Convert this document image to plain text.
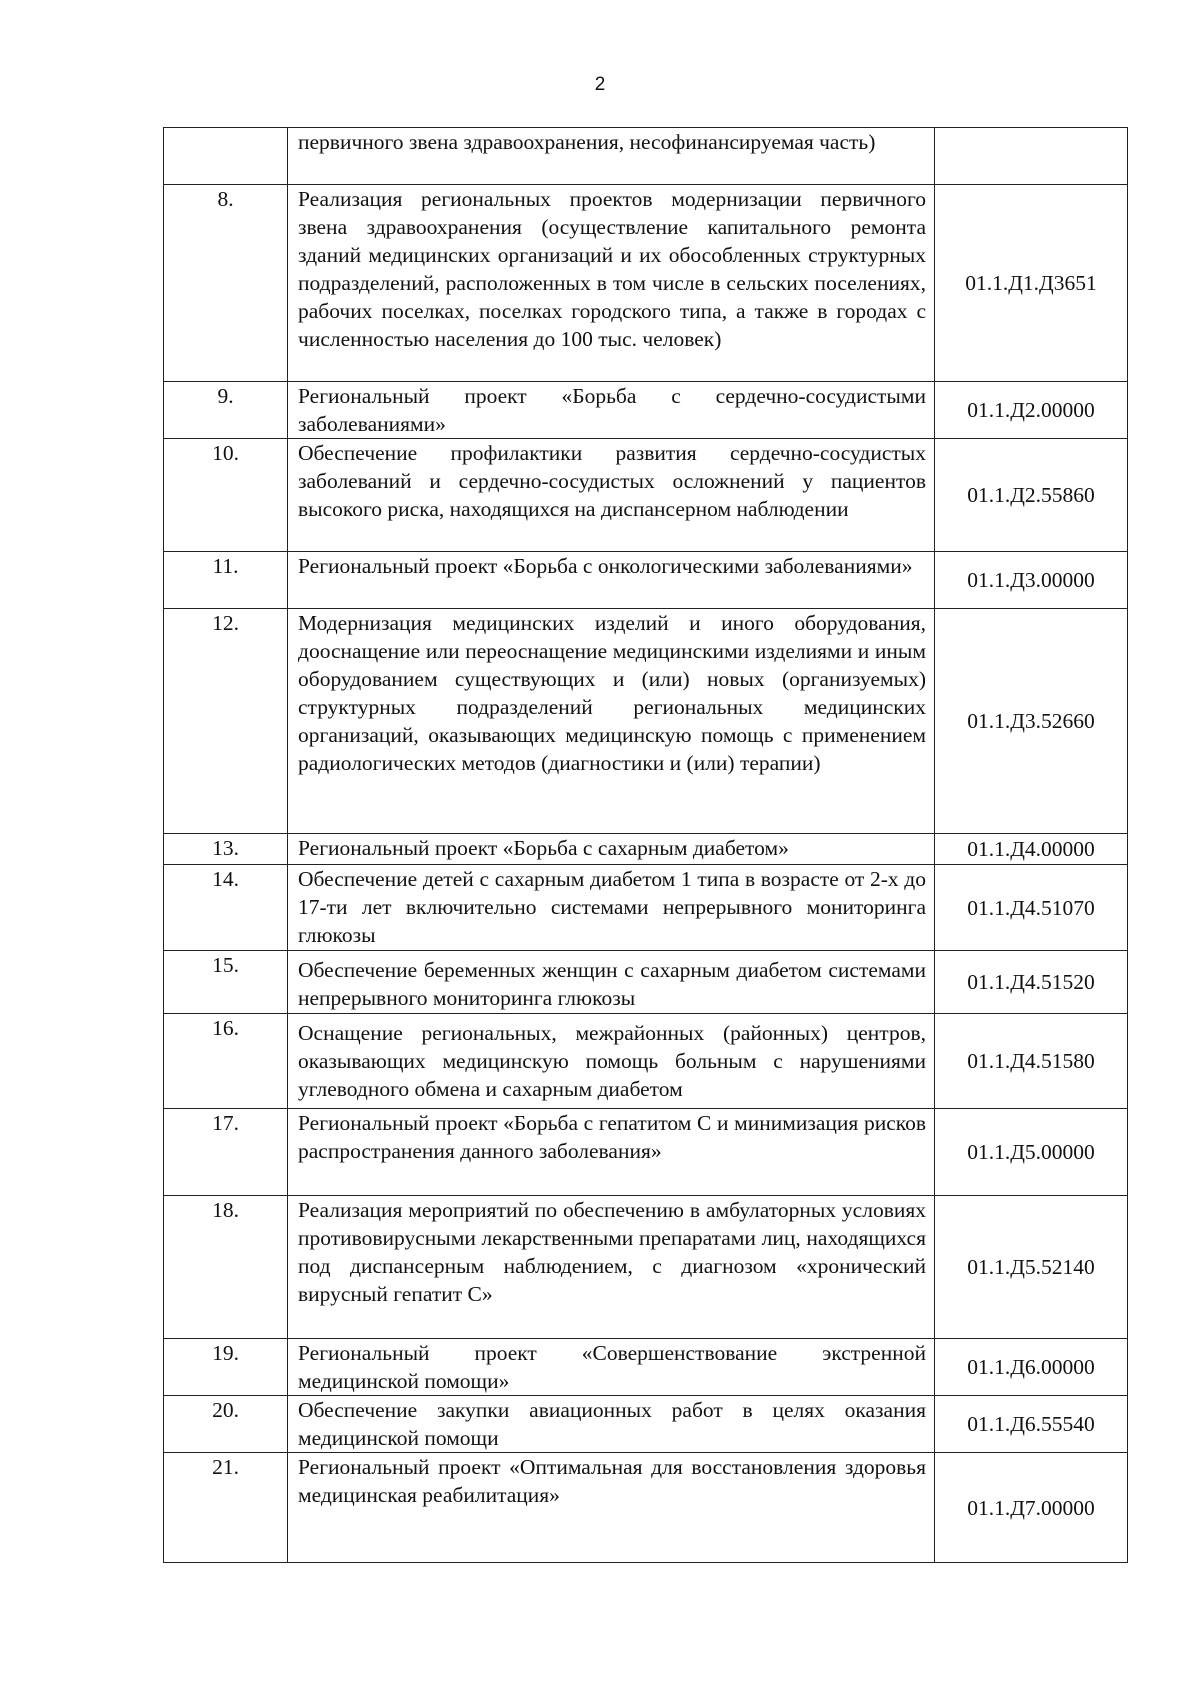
2

	первичного звена здравоохранения, несофинансируемая часть)	

8.	Реализация региональных проектов модернизации первичного звена здравоохранения (осуществление капитального ремонта зданий медицинских организаций и их обособленных структурных подразделений, расположенных в том числе в сельских поселениях, рабочих поселках, поселках городского типа, а также в городах с численностью населения до 100 тыс. человек)	01.1.Д1.Д3651
9.	Региональный проект «Борьба с сердечно-сосудистыми заболеваниями»	01.1.Д2.00000
10.	Обеспечение профилактики развития сердечно-сосудистых заболеваний и сердечно-сосудистых осложнений у пациентов высокого риска, находящихся на диспансерном наблюдении	01.1.Д2.55860
11.	Региональный проект «Борьба с онкологическими заболеваниями»	01.1.Д3.00000
12.	Модернизация медицинских изделий и иного оборудования, дооснащение или переоснащение медицинскими изделиями и иным оборудованием существующих и (или) новых (организуемых) структурных подразделений региональных медицинских организаций, оказывающих медицинскую помощь с применением радиологических методов (диагностики и (или) терапии)	01.1.Д3.52660
13.	Региональный проект «Борьба с сахарным диабетом»	01.1.Д4.00000
14.	Обеспечение детей с сахарным диабетом 1 типа в возрасте от 2-х до 17-ти лет включительно системами непрерывного мониторинга глюкозы	01.1.Д4.51070
15.	Обеспечение беременных женщин с сахарным диабетом системами непрерывного мониторинга глюкозы	01.1.Д4.51520
16.	Оснащение региональных, межрайонных (районных) центров, оказывающих медицинскую помощь больным с нарушениями углеводного обмена и сахарным диабетом	01.1.Д4.51580
17.	Региональный проект «Борьба с гепатитом С и минимизация рисков распространения данного заболевания»	01.1.Д5.00000
18.	Реализация мероприятий по обеспечению в амбулаторных условиях противовирусными лекарственными препаратами лиц, находящихся под диспансерным наблюдением, с диагнозом «хронический вирусный гепатит С»	01.1.Д5.52140
19.	Региональный проект «Совершенствование экстренной медицинской помощи»	01.1.Д6.00000
20.	Обеспечение закупки авиационных работ в целях оказания медицинской помощи	01.1.Д6.55540
21.	Региональный проект «Оптимальная для восстановления здоровья медицинская реабилитация»	01.1.Д7.00000
